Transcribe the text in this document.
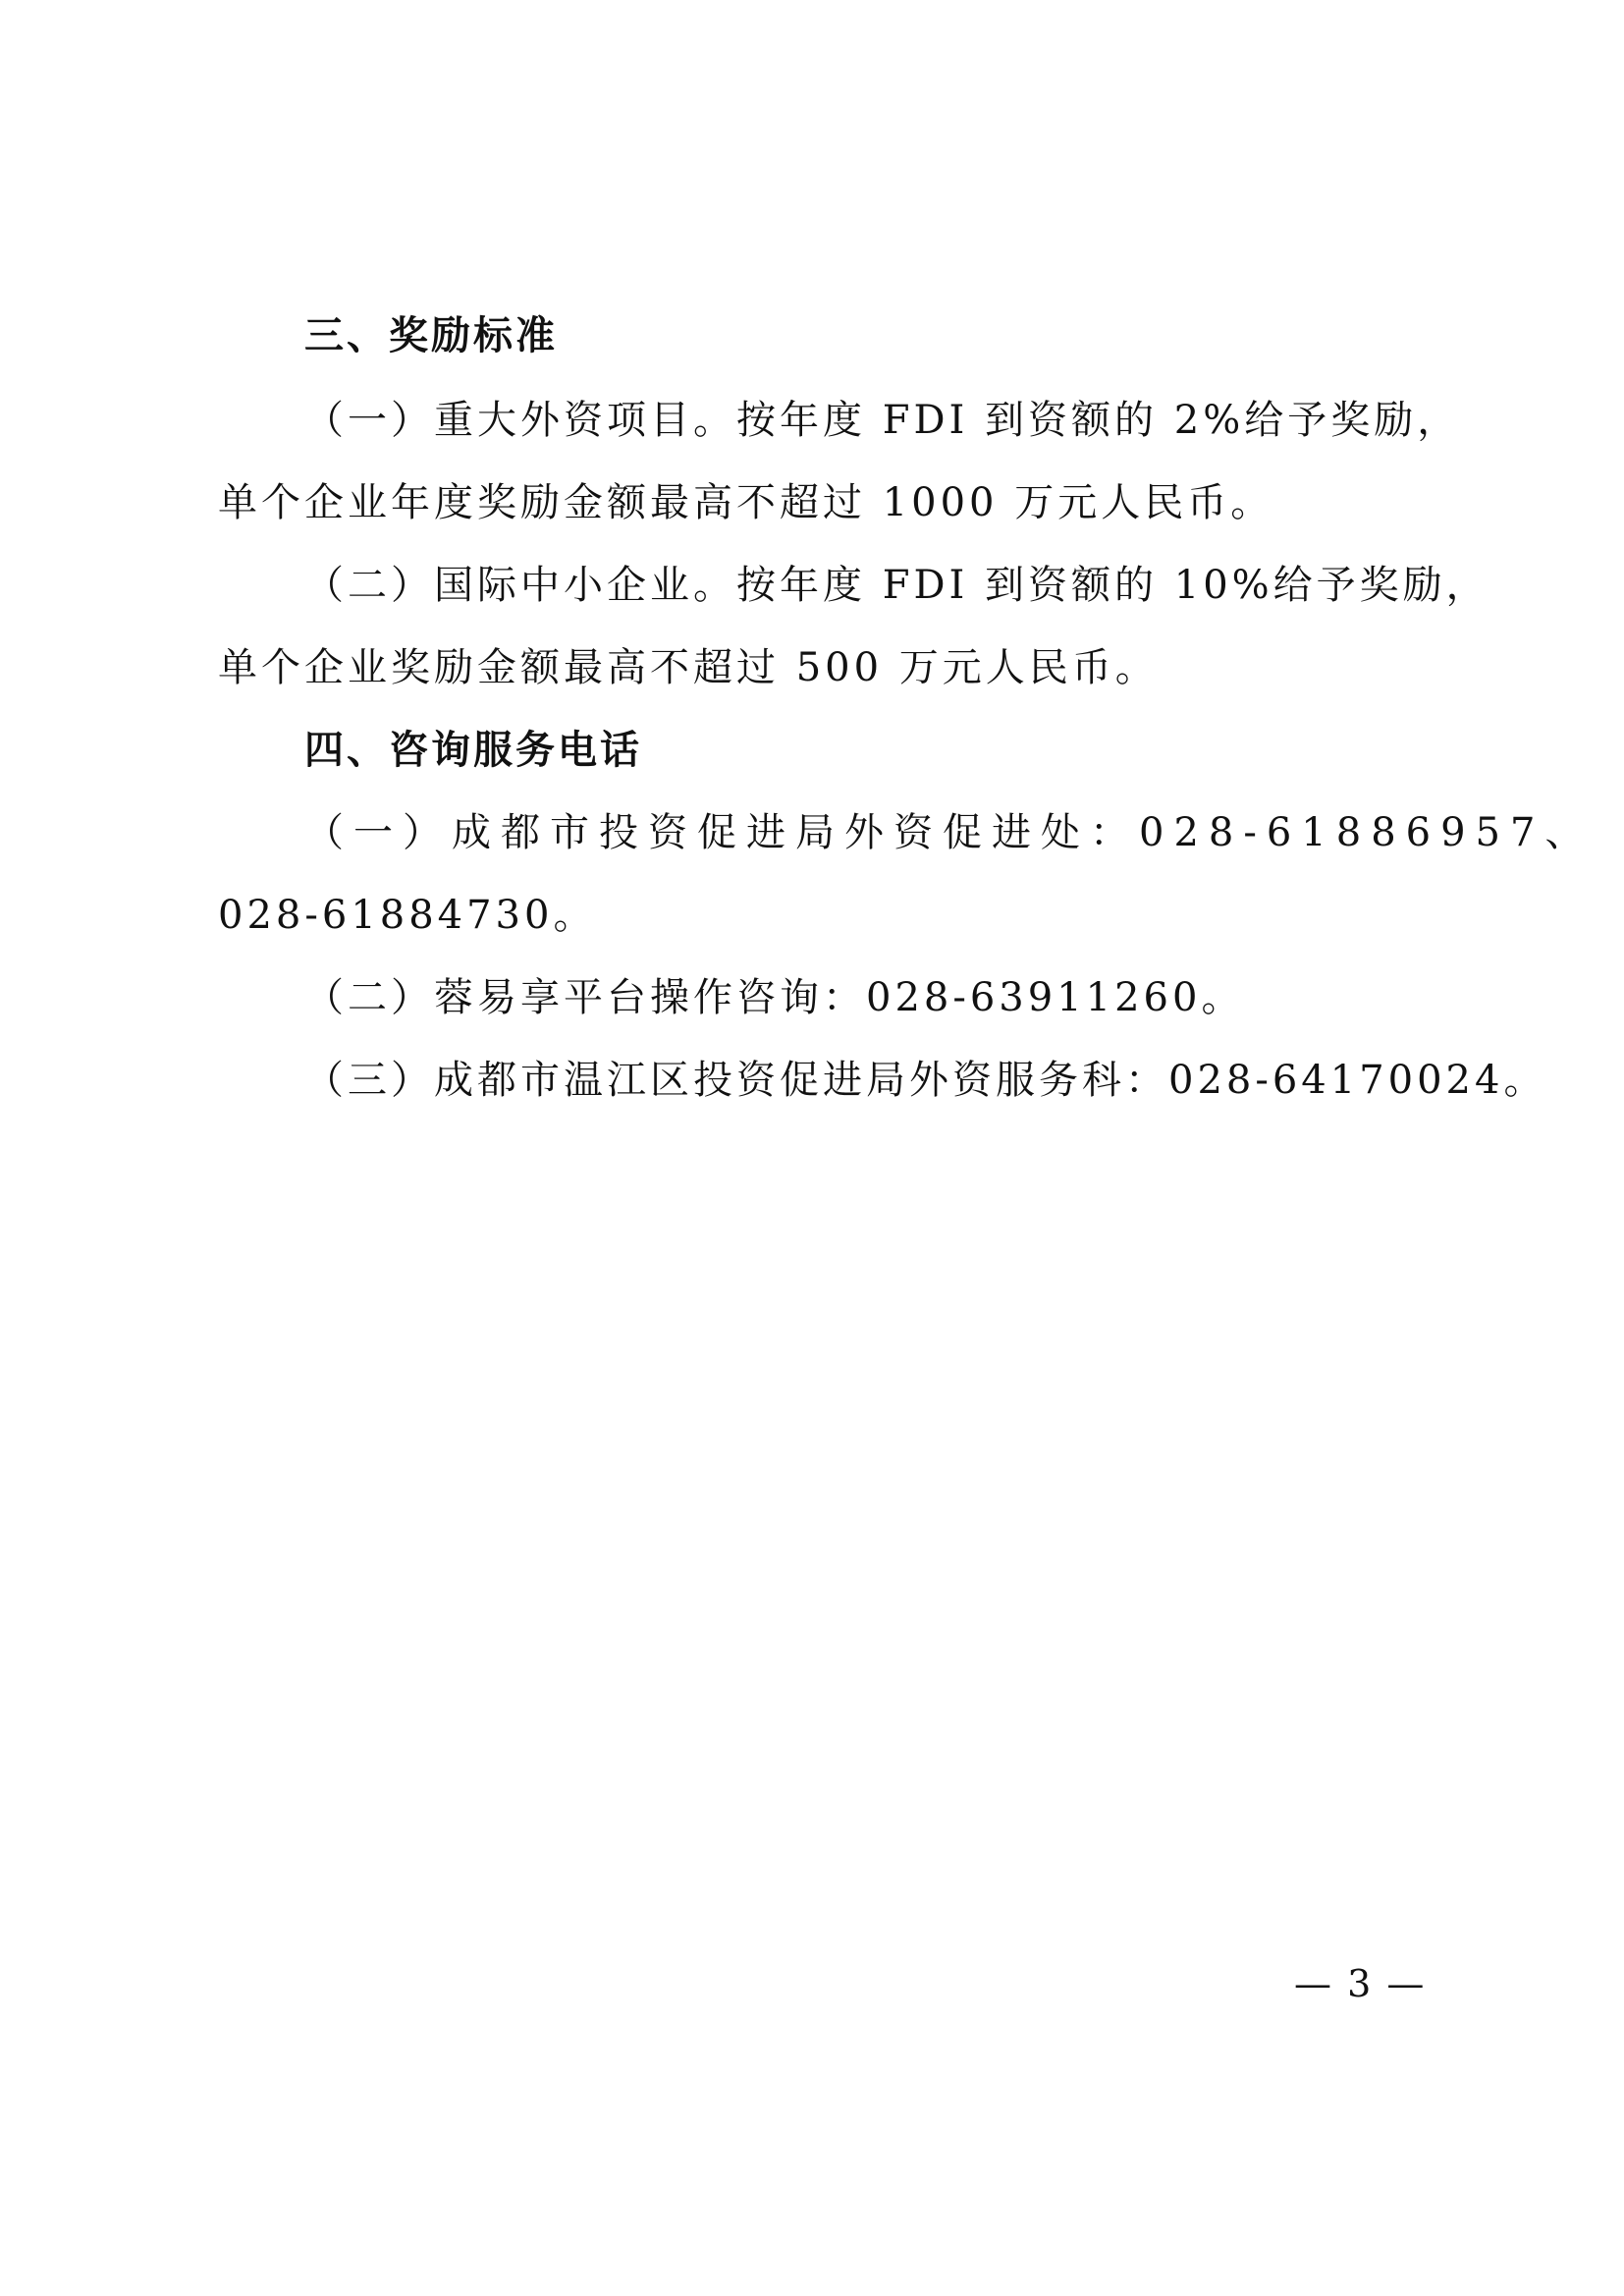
三、奖励标准
（一）重大外资项目。按年度 FDI 到资额的 2%给予奖励，
单个企业年度奖励金额最高不超过 1000 万元人民币。
（二）国际中小企业。按年度 FDI 到资额的 10%给予奖励，
单个企业奖励金额最高不超过 500 万元人民币。
四、咨询服务电话
（一）成都市投资促进局外资促进处：028-61886957、
028-61884730。
（二）蓉易享平台操作咨询：028-63911260。
（三）成都市温江区投资促进局外资服务科：028-64170024。
— 3 —
